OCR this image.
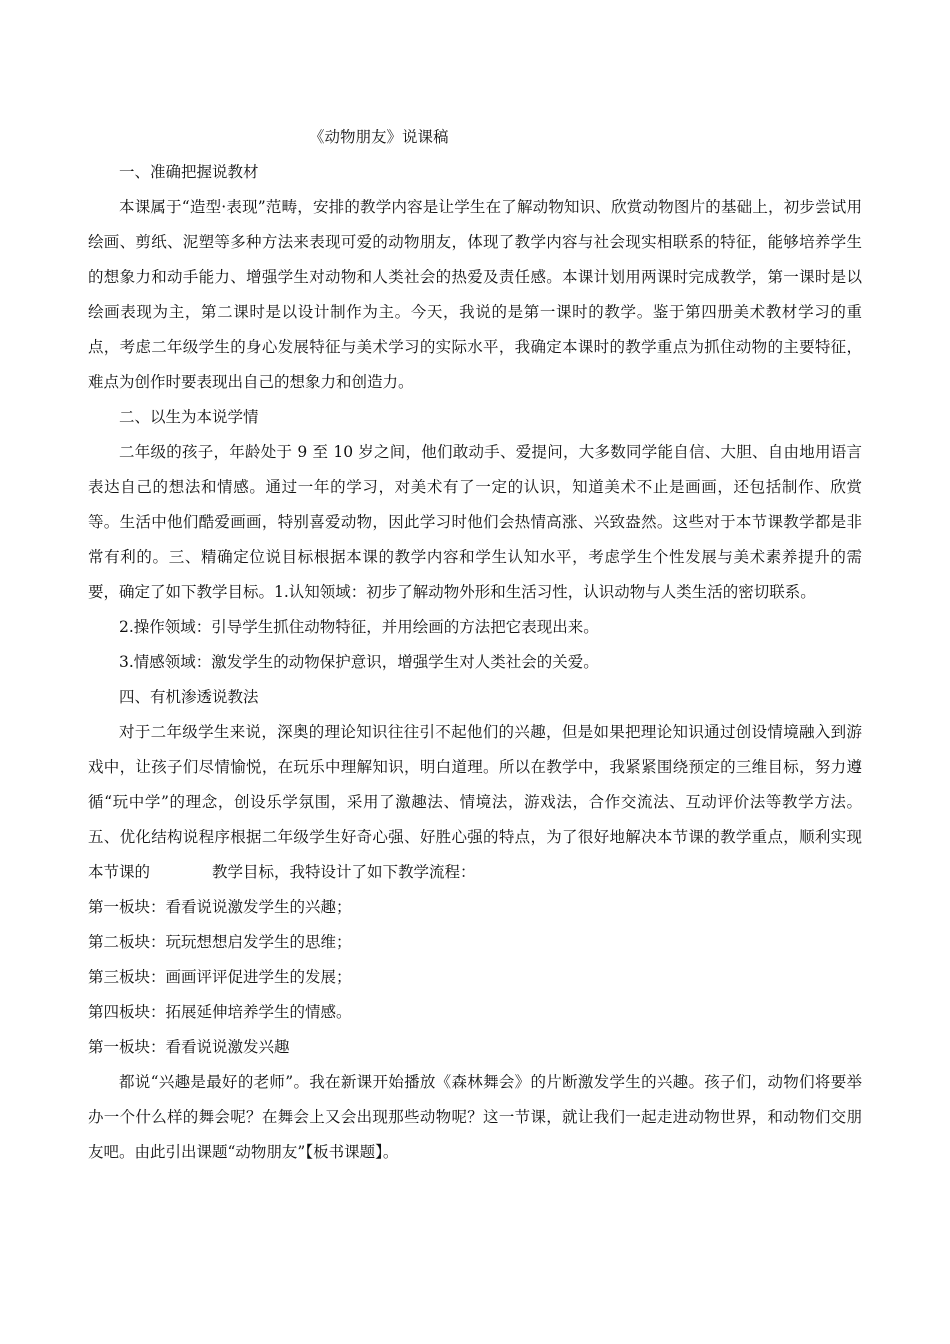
《动物朋友》说课稿
一、准确把握说教材

本课属于“造型·表现”范畴，安排的教学内容是让学生在了解动物知识、欣赏动物图片的基础上，初步尝试用绘画、剪纸、泥塑等多种方法来表现可爱的动物朋友，体现了教学内容与社会现实相联系的特征，能够培养学生的想象力和动手能力、增强学生对动物和人类社会的热爱及责任感。本课计划用两课时完成教学，第一课时是以绘画表现为主，第二课时是以设计制作为主。今天，我说的是第一课时的教学。鉴于第四册美术教材学习的重点，考虑二年级学生的身心发展特征与美术学习的实际水平，我确定本课时的教学重点为抓住动物的主要特征，难点为创作时要表现出自己的想象力和创造力。

二、以生为本说学情

二年级的孩子，年龄处于 9 至 10 岁之间，他们敢动手、爱提问，大多数同学能自信、大胆、自由地用语言表达自己的想法和情感。通过一年的学习，对美术有了一定的认识，知道美术不止是画画，还包括制作、欣赏等。生活中他们酷爱画画，特别喜爱动物，因此学习时他们会热情高涨、兴致盎然。这些对于本节课教学都是非常有利的。三、精确定位说目标根据本课的教学内容和学生认知水平，考虑学生个性发展与美术素养提升的需要，确定了如下教学目标。1.认知领域：初步了解动物外形和生活习性，认识动物与人类生活的密切联系。

2.操作领域：引导学生抓住动物特征，并用绘画的方法把它表现出来。
3.情感领域：激发学生的动物保护意识，增强学生对人类社会的关爱。
四、有机渗透说教法

对于二年级学生来说，深奥的理论知识往往引不起他们的兴趣，但是如果把理论知识通过创设情境融入到游戏中，让孩子们尽情愉悦，在玩乐中理解知识，明白道理。所以在教学中，我紧紧围绕预定的三维目标，努力遵循“玩中学”的理念，创设乐学氛围，采用了激趣法、情境法，游戏法，合作交流法、互动评价法等教学方法。五、优化结构说程序根据二年级学生好奇心强、好胜心强的特点，为了很好地解决本节课的教学重点，顺利实现本节课的	教学目标，我特设计了如下教学流程：

第一板块：看看说说激发学生的兴趣；
第二板块：玩玩想想启发学生的思维；
第三板块：画画评评促进学生的发展；
第四板块：拓展延伸培养学生的情感。
第一板块：看看说说激发兴趣

都说“兴趣是最好的老师”。我在新课开始播放《森林舞会》的片断激发学生的兴趣。孩子们，动物们将要举办一个什么样的舞会呢？在舞会上又会出现那些动物呢？这一节课，就让我们一起走进动物世界，和动物们交朋友吧。由此引出课题“动物朋友”【板书课题】。
